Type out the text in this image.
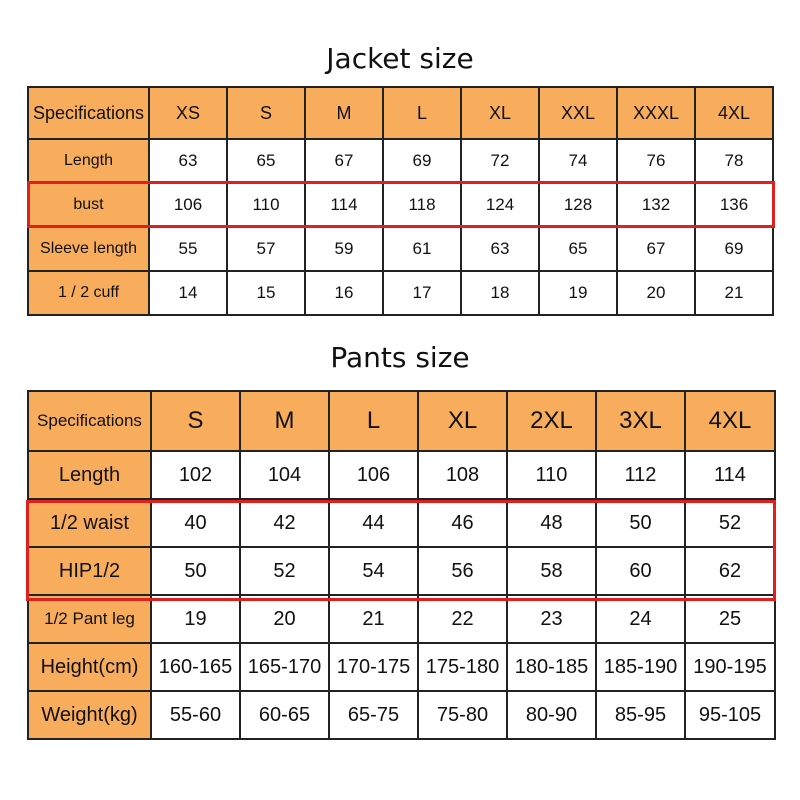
Jacket size
Specifications	XS	S	M	L	XL	XXL	XXXL	4XL
Length	63	65	67	69	72	74	76	78
bust	106	110	114	118	124	128	132	136
Sleeve length	55	57	59	61	63	65	67	69
1 / 2 cuff	14	15	16	17	18	19	20	21
Pants size
Specifications	S	M	L	XL	2XL	3XL	4XL
Length	102	104	106	108	110	112	114
1/2 waist	40	42	44	46	48	50	52
HIP1/2	50	52	54	56	58	60	62
1/2 Pant leg	19	20	21	22	23	24	25
Height(cm)	160-165	165-170	170-175	175-180	180-185	185-190	190-195
Weight(kg)	55-60	60-65	65-75	75-80	80-90	85-95	95-105
